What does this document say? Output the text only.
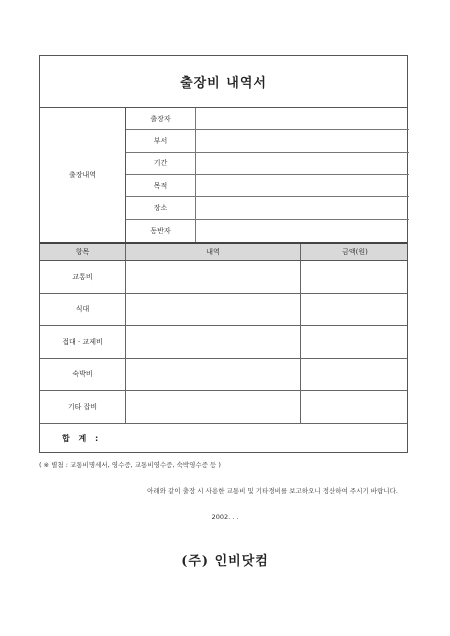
출장비 내역서
출장내역
출장자
부서
기간
목적
장소
동반자
항목	내역	금액(원)
교통비
식대
접대 · 교제비
숙박비
기타 잡비
합 계 :
( ※ 별첨 : 교통비명세서, 영수증, 교통비영수증, 숙박영수증 등 )
아래와 같이 출장 시 사용한 교통비 및 기타경비를 보고하오니 정산하여 주시기 바랍니다.
2002. . .
(주) 인비닷컴
